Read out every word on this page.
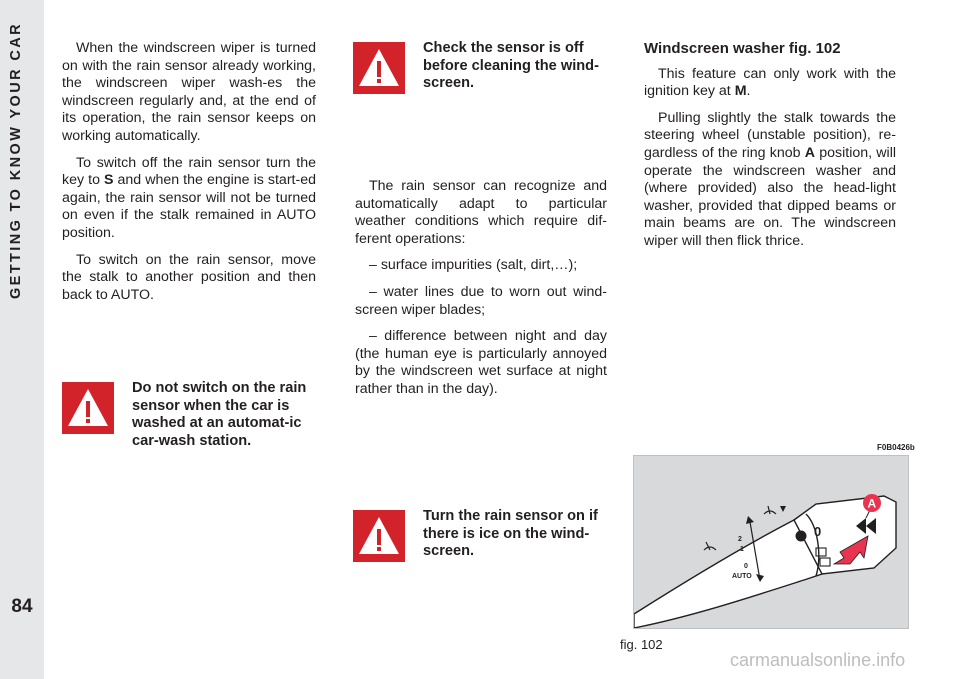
GETTING TO KNOW YOUR CAR
84

When the windscreen wiper is turned on with the rain sensor already working, the windscreen wiper wash-es the windscreen regularly and, at the end of its operation, the rain sensor keeps on working automatically.

To switch off the rain sensor turn the key to S and when the engine is start-ed again, the rain sensor will not be turned on even if the stalk remained in AUTO position.

To switch on the rain sensor, move the stalk to another position and then back to AUTO.

Do not switch on the rain sensor when the car is washed at an automat-ic car-wash station.
Check the sensor is off before cleaning the wind-screen.

The rain sensor can recognize and automatically adapt to particular weather conditions which require dif-ferent operations:

– surface impurities (salt, dirt,…);

– water lines due to worn out wind-screen wiper blades;

– difference between night and day (the human eye is particularly annoyed by the windscreen wet surface at night rather than in the day).

Turn the rain sensor on if there is ice on the wind-screen.
Windscreen washer fig. 102

This feature can only work with the ignition key at M.

Pulling slightly the stalk towards the steering wheel (unstable position), re-gardless of the ring knob A position, will operate the windscreen washer and (where provided) also the head-light washer, provided that dipped beams or main beams are on. The windscreen wiper will then flick thrice.

F0B0426b
2
1
0
AUTO
0
A
fig. 102
carmanualsonline.info
